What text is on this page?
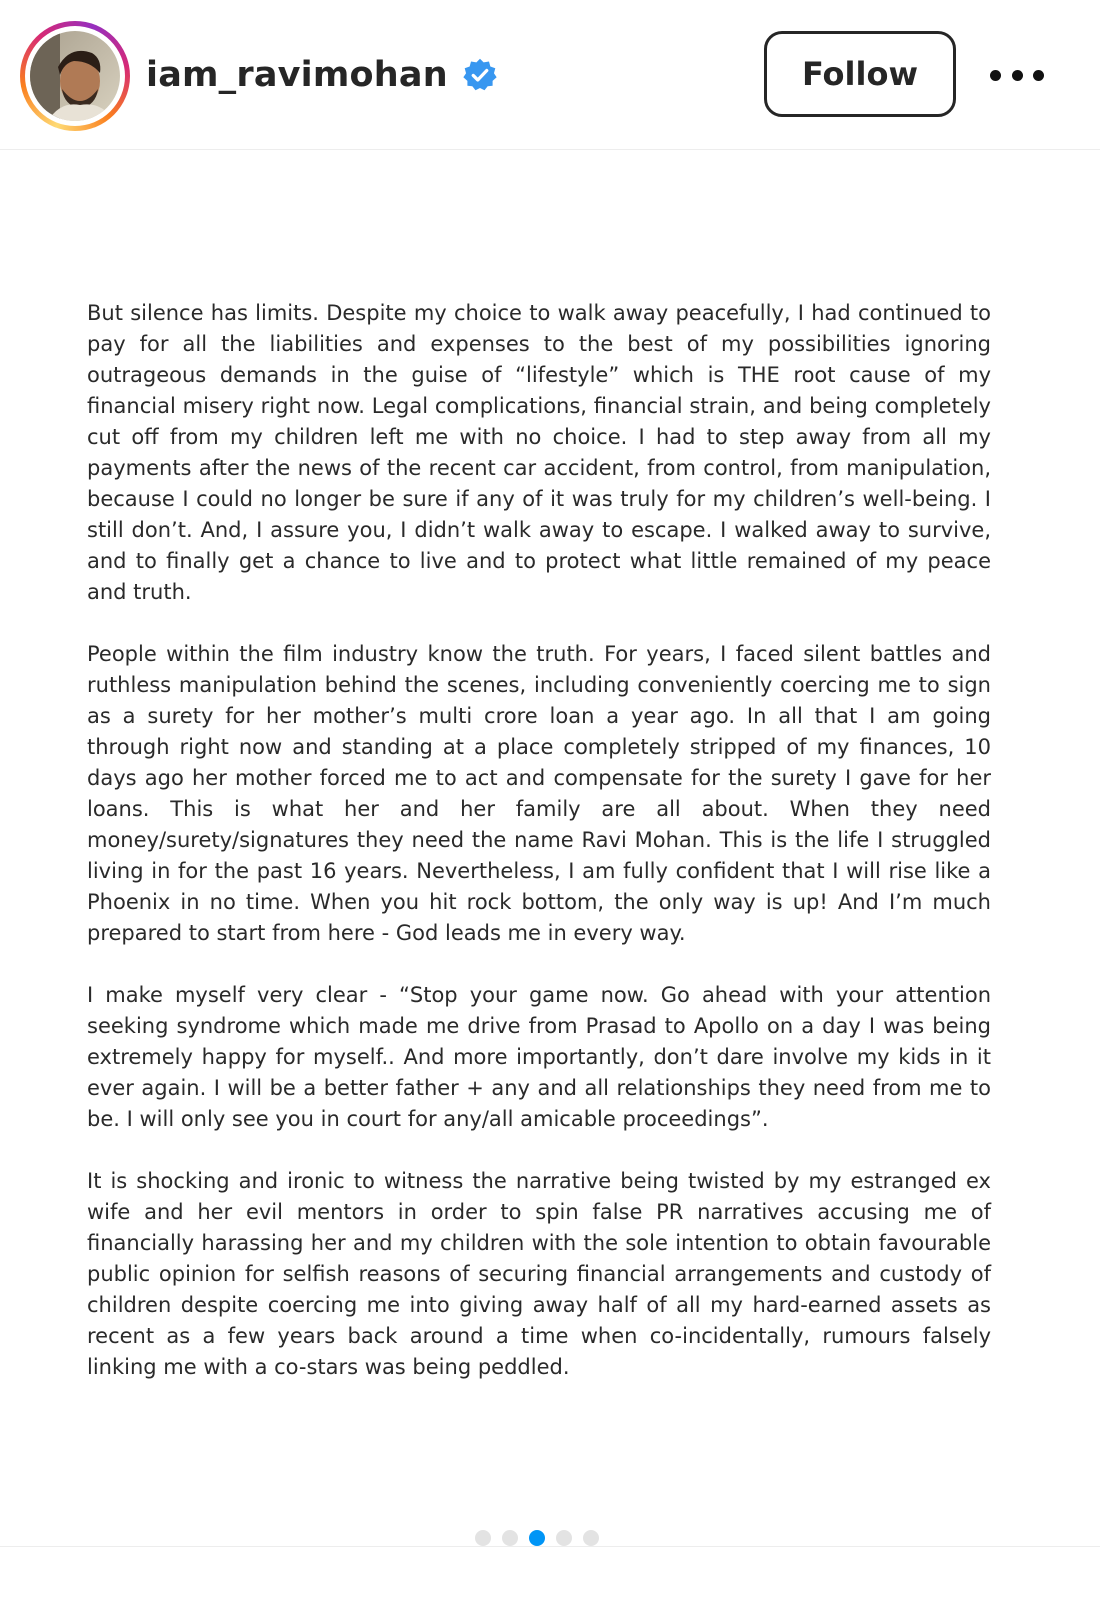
iam_ravimohan	Follow

But silence has limits. Despite my choice to walk away peacefully, I had continued to pay for all the liabilities and expenses to the best of my possibilities ignoring outrageous demands in the guise of “lifestyle” which is THE root cause of my financial misery right now. Legal complications, financial strain, and being completely cut off from my children left me with no choice. I had to step away from all my payments after the news of the recent car accident, from control, from manipulation, because I could no longer be sure if any of it was truly for my children’s well-being. I still don’t. And, I assure you, I didn’t walk away to escape. I walked away to survive, and to finally get a chance to live and to protect what little remained of my peace and truth.

People within the film industry know the truth. For years, I faced silent battles and ruthless manipulation behind the scenes, including conveniently coercing me to sign as a surety for her mother’s multi crore loan a year ago. In all that I am going through right now and standing at a place completely stripped of my finances, 10 days ago her mother forced me to act and compensate for the surety I gave for her loans. This is what her and her family are all about. When they need money/surety/signatures they need the name Ravi Mohan. This is the life I struggled living in for the past 16 years. Nevertheless, I am fully confident that I will rise like a Phoenix in no time. When you hit rock bottom, the only way is up! And I’m much prepared to start from here - God leads me in every way.

I make myself very clear - “Stop your game now. Go ahead with your attention seeking syndrome which made me drive from Prasad to Apollo on a day I was being extremely happy for myself.. And more importantly, don’t dare involve my kids in it ever again. I will be a better father + any and all relationships they need from me to be. I will only see you in court for any/all amicable proceedings”.

It is shocking and ironic to witness the narrative being twisted by my estranged ex wife and her evil mentors in order to spin false PR narratives accusing me of financially harassing her and my children with the sole intention to obtain favourable public opinion for selfish reasons of securing financial arrangements and custody of children despite coercing me into giving away half of all my hard-earned assets as recent as a few years back around a time when co-incidentally, rumours falsely linking me with a co-stars was being peddled.
